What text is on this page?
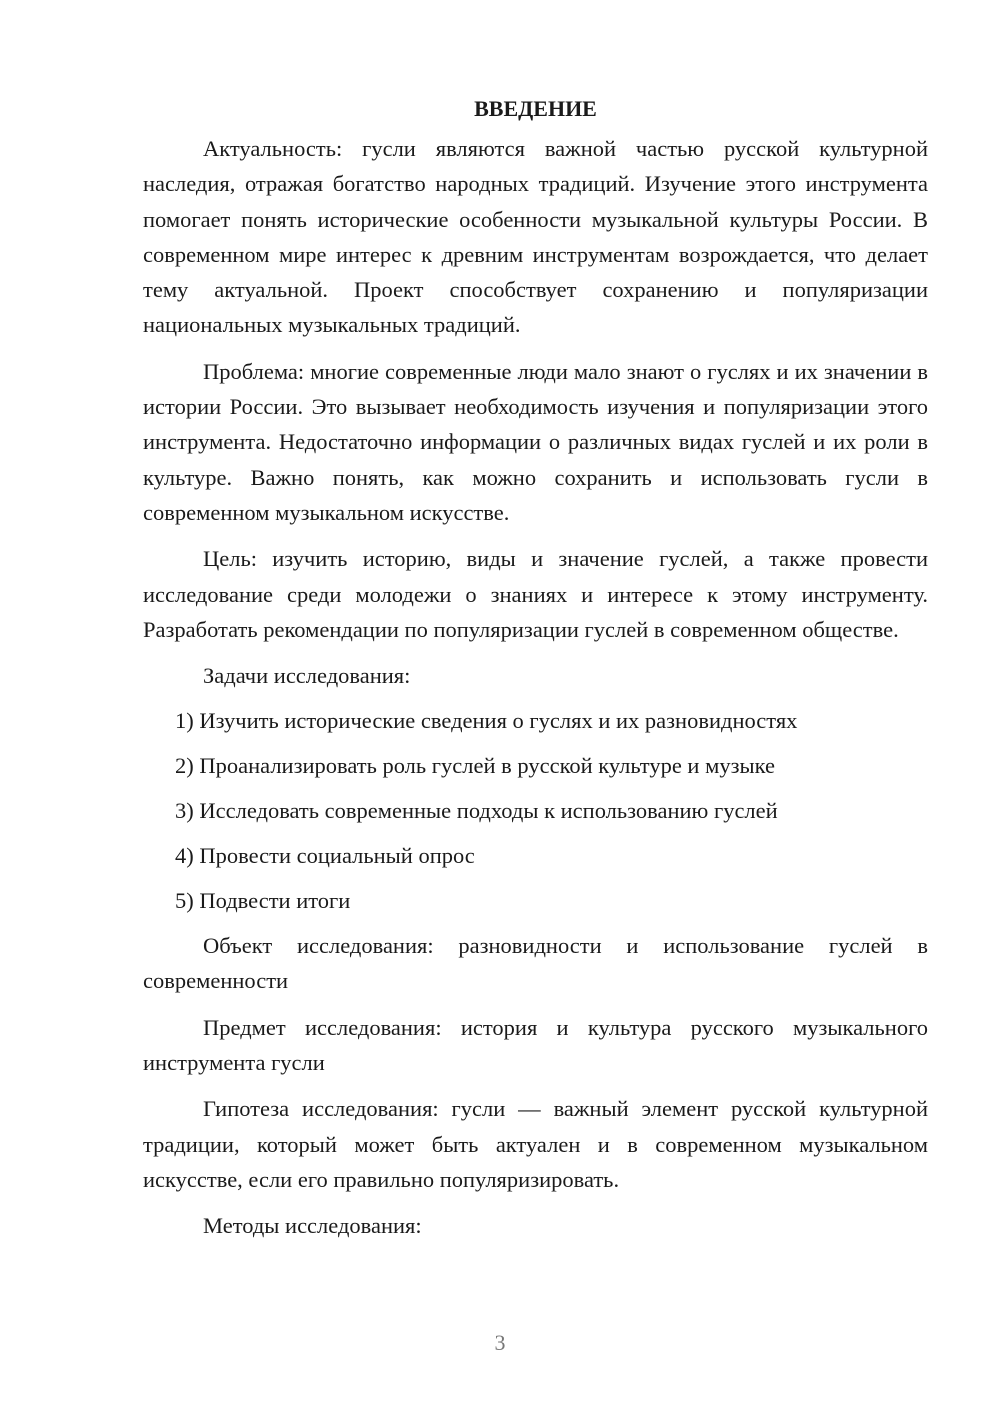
ВВЕДЕНИЕ

Актуальность: гусли являются важной частью русской культурной наследия, отражая богатство народных традиций. Изучение этого инструмента помогает понять исторические особенности музыкальной культуры России. В современном мире интерес к древним инструментам возрождается, что делает тему актуальной. Проект способствует сохранению и популяризации национальных музыкальных традиций.

Проблема: многие современные люди мало знают о гуслях и их значении в истории России. Это вызывает необходимость изучения и популяризации этого инструмента. Недостаточно информации о различных видах гуслей и их роли в культуре. Важно понять, как можно сохранить и использовать гусли в современном музыкальном искусстве.

Цель: изучить историю, виды и значение гуслей, а также провести исследование среди молодежи о знаниях и интересе к этому инструменту. Разработать рекомендации по популяризации гуслей в современном обществе.

Задачи исследования:

1) Изучить исторические сведения о гуслях и их разновидностях

2) Проанализировать роль гуслей в русской культуре и музыке

3) Исследовать современные подходы к использованию гуслей

4) Провести социальный опрос

5) Подвести итоги

Объект исследования: разновидности и использование гуслей в современности

Предмет исследования: история и культура русского музыкального инструмента гусли

Гипотеза исследования: гусли — важный элемент русской культурной традиции, который может быть актуален и в современном музыкальном искусстве, если его правильно популяризировать.

Методы исследования:

3
